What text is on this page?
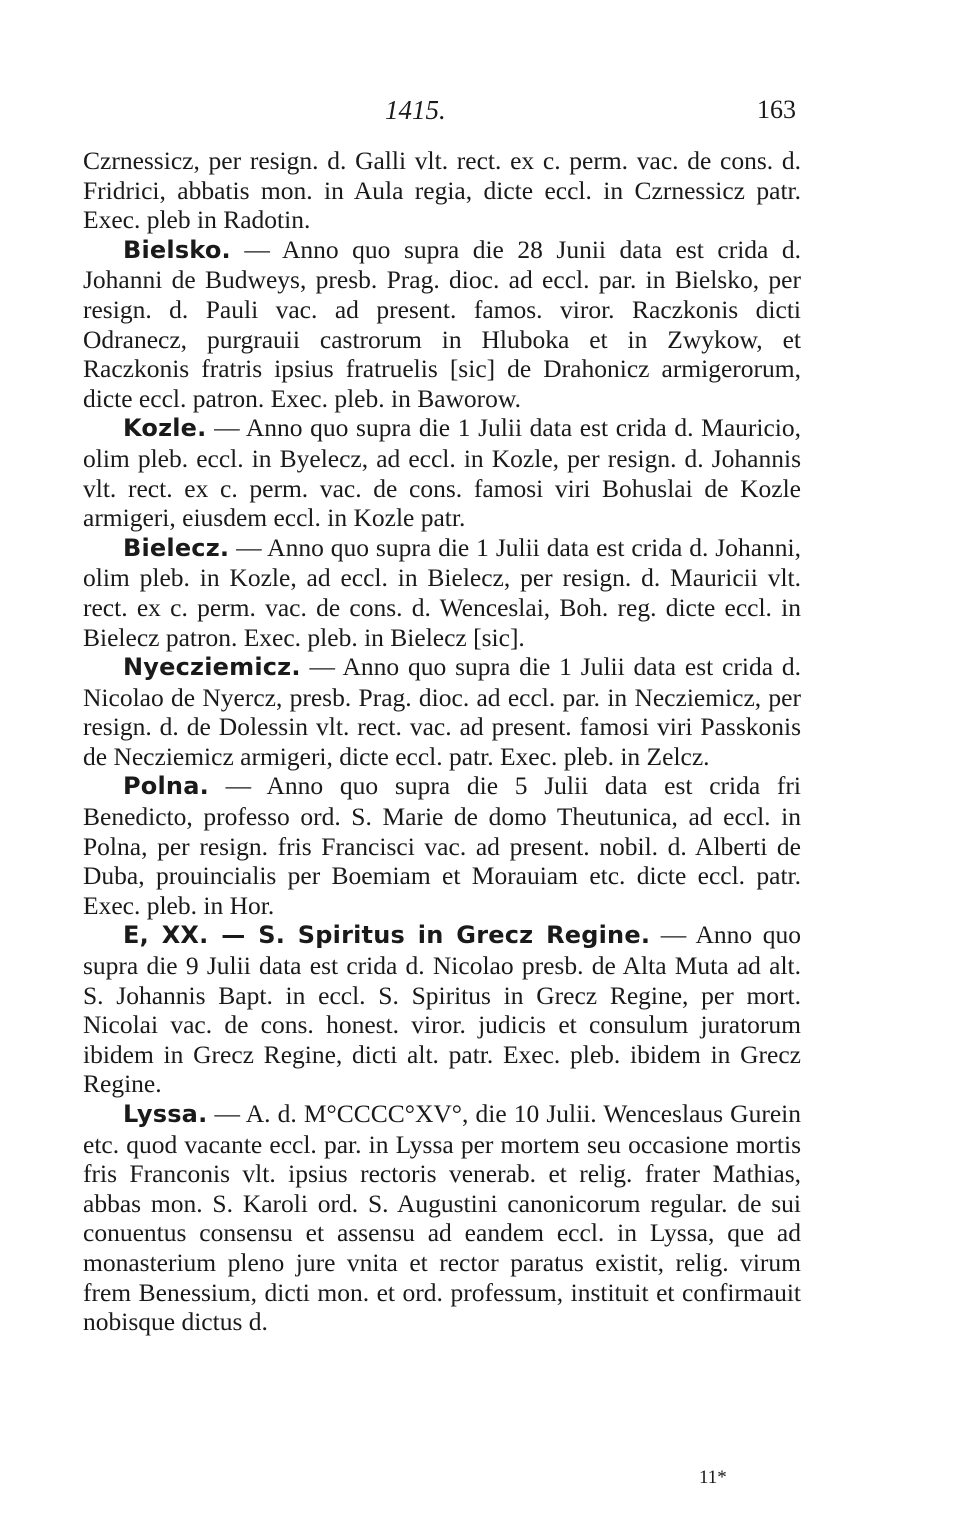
1415.	163

Czrnessicz, per resign. d. Galli vlt. rect. ex c. perm. vac. de cons. d. Fridrici, abbatis mon. in Aula regia, dicte eccl. in Czrnessicz patr. Exec. pleb in Radotin.

Bielsko. — Anno quo supra die 28 Junii data est crida d. Johanni de Budweys, presb. Prag. dioc. ad eccl. par. in Bielsko, per resign. d. Pauli vac. ad present. famos. viror. Raczkonis dicti Odranecz, purgrauii castrorum in Hluboka et in Zwykow, et Raczkonis fratris ipsius fratruelis [sic] de Drahonicz armigerorum, dicte eccl. patron. Exec. pleb. in Baworow.

Kozle. — Anno quo supra die 1 Julii data est crida d. Mauricio, olim pleb. eccl. in Byelecz, ad eccl. in Kozle, per resign. d. Johannis vlt. rect. ex c. perm. vac. de cons. famosi viri Bohuslai de Kozle armigeri, eiusdem eccl. in Kozle patr.

Bielecz. — Anno quo supra die 1 Julii data est crida d. Johanni, olim pleb. in Kozle, ad eccl. in Bielecz, per resign. d. Mauricii vlt. rect. ex c. perm. vac. de cons. d. Wenceslai, Boh. reg. dicte eccl. in Bielecz patron. Exec. pleb. in Bielecz [sic].

Nyecziemicz. — Anno quo supra die 1 Julii data est crida d. Nicolao de Nyercz, presb. Prag. dioc. ad eccl. par. in Necziemicz, per resign. d. de Dolessin vlt. rect. vac. ad present. famosi viri Passkonis de Necziemicz armigeri, dicte eccl. patr. Exec. pleb. in Zelcz.

Polna. — Anno quo supra die 5 Julii data est crida fri Benedicto, professo ord. S. Marie de domo Theutunica, ad eccl. in Polna, per resign. fris Francisci vac. ad present. nobil. d. Alberti de Duba, prouincialis per Boemiam et Morauiam etc. dicte eccl. patr. Exec. pleb. in Hor.

E, XX. — S. Spiritus in Grecz Regine. — Anno quo supra die 9 Julii data est crida d. Nicolao presb. de Alta Muta ad alt. S. Johannis Bapt. in eccl. S. Spiritus in Grecz Regine, per mort. Nicolai vac. de cons. honest. viror. judicis et consulum juratorum ibidem in Grecz Regine, dicti alt. patr. Exec. pleb. ibidem in Grecz Regine.

Lyssa. — A. d. M°CCCC°XV°, die 10 Julii. Wenceslaus Gurein etc. quod vacante eccl. par. in Lyssa per mortem seu occasione mortis fris Franconis vlt. ipsius rectoris venerab. et relig. frater Mathias, abbas mon. S. Karoli ord. S. Augustini canonicorum regular. de sui conuentus consensu et assensu ad eandem eccl. in Lyssa, que ad monasterium pleno jure vnita et rector paratus existit, relig. virum frem Benessium, dicti mon. et ord. professum, instituit et confirmauit nobisque dictus d.

11*
